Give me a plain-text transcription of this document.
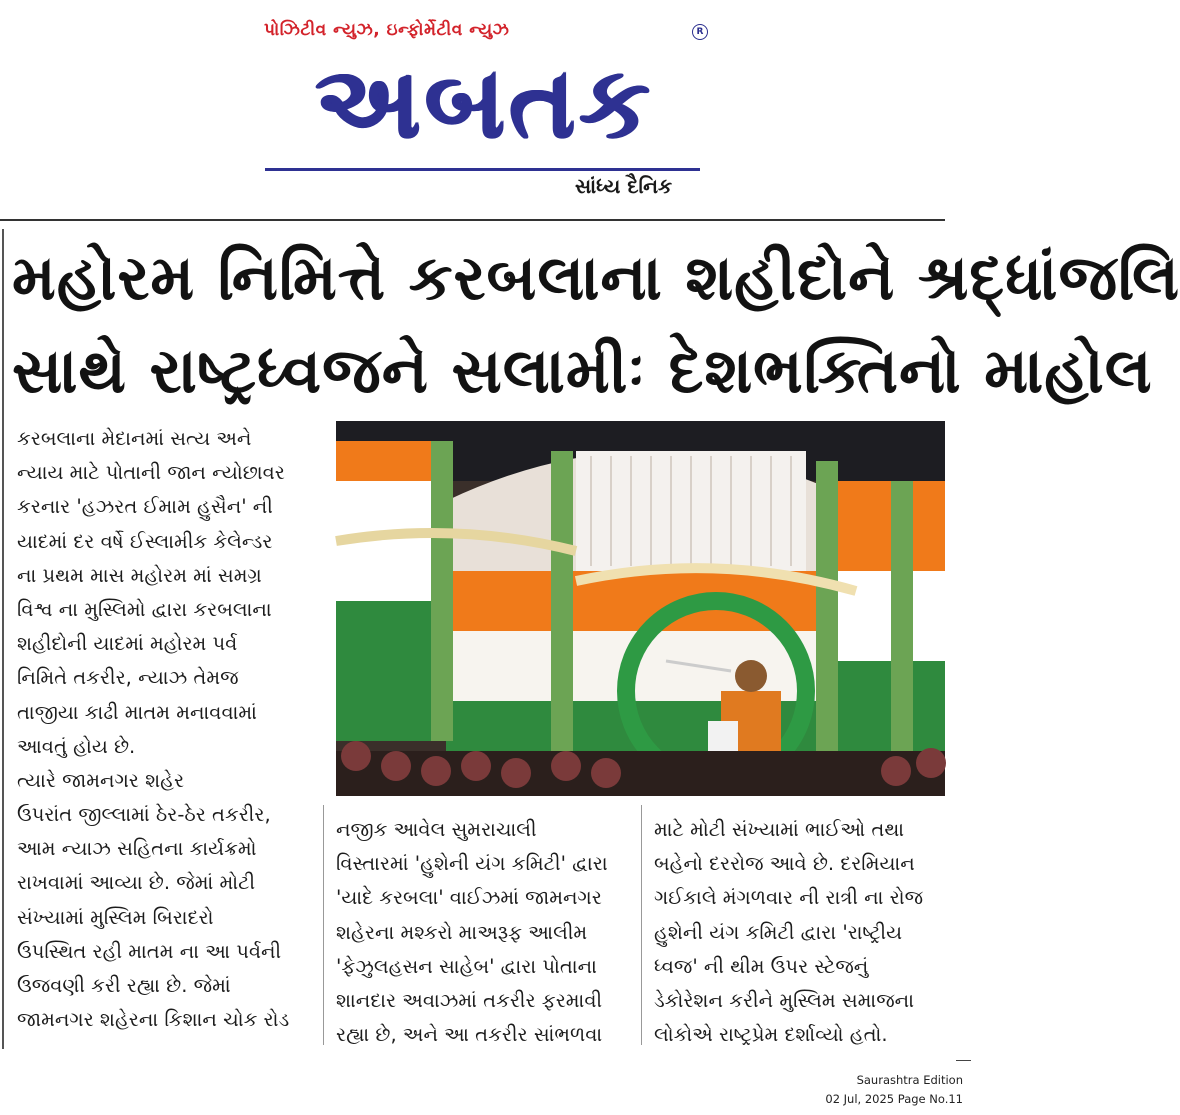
પોઝિટીવ ન્યુઝ, ઇન્ફોર્મેટીવ ન્યુઝ	R
અબતક
સાંધ્ય દૈનિક
મહોરમ નિમિત્તે કરબલાના શહીદોને શ્રદ્ધાંજલિ
સાથે રાષ્ટ્રધ્વજને સલામીઃ દેશભક્તિનો માહોલ
કરબલાના મેદાનમાં સત્ય અને
ન્યાય માટે પોતાની જાન ન્યોછાવર
કરનાર 'હઝરત ઈમામ હુસૈન' ની
યાદમાં દર વર્ષે ઈસ્લામીક કેલેન્ડર
ના પ્રથમ માસ મહોરમ માં સમગ્ર
વિશ્વ ના મુસ્લિમો દ્વારા કરબલાના
શહીદોની યાદમાં મહોરમ પર્વ
નિમિતે તકરીર, ન્યાઝ તેમજ
તાજીયા કાઢી માતમ મનાવવામાં
આવતું હોય છે.
ત્યારે જામનગર શહેર
ઉપરાંત જીલ્લામાં ઠેર-ઠેર તકરીર,
આમ ન્યાઝ સહિતના કાર્યક્રમો
રાખવામાં આવ્યા છે. જેમાં મોટી
સંખ્યામાં મુસ્લિમ બિરાદરો
ઉપસ્થિત રહી માતમ ના આ પર્વની
ઉજવણી કરી રહ્યા છે. જેમાં
જામનગર શહેરના કિશાન ચોક રોડ
નજીક આવેલ સુમરાચાલી
વિસ્તારમાં 'હુશેની યંગ કમિટી' દ્વારા
'યાદે કરબલા' વાઈઝમાં જામનગર
શહેરના મશ્કરો માઅરૂફ આલીમ
'ફેઝુલહસન સાહેબ' દ્વારા પોતાના
શાનદાર અવાઝમાં તકરીર ફરમાવી
રહ્યા છે, અને આ તકરીર સાંભળવા
માટે મોટી સંખ્યામાં ભાઈઓ તથા
બહેનો દરરોજ આવે છે. દરમિયાન
ગઈકાલે મંગળવાર ની રાત્રી ના રોજ
હુશેની યંગ કમિટી દ્વારા 'રાષ્ટ્રીય
ધ્વજ' ની થીમ ઉપર સ્ટેજનું
ડેકોરેશન કરીને મુસ્લિમ સમાજના
લોકોએ રાષ્ટ્રપ્રેમ દર્શાવ્યો હતો.
Saurashtra Edition
02 Jul, 2025 Page No.11
